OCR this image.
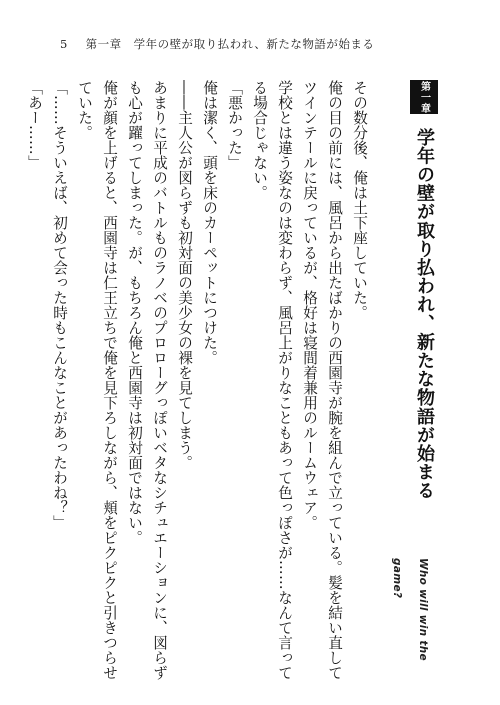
5 第一章　学年の壁が取り払われ、新たな物語が始まる

その数分後、俺は土下座していた。

俺の目の前には、風呂から出たばかりの西園寺が腕を組んで立っている。髪を結い直してツインテールに戻っているが、格好は寝間着兼用のルームウェア。

学校とは違う姿なのは変わらず、風呂上がりなこともあって色っぽさが……なんて言ってる場合じゃない。

「悪かった」

俺は潔く、頭を床のカーペットにつけた。

――主人公が図らずも初対面の美少女の裸を見てしまう。

あまりに平成のバトルものラノベのプロローグっぽいベタなシチュエーションに、図らずも心が躍ってしまった。が、もちろん俺と西園寺は初対面ではない。

俺が顔を上げると、西園寺は仁王立ちで俺を見下ろしながら、頬をピクピクと引きつらせていた。

「……そういえば、初めて会った時もこんなことがあったわね？」

「あー……」	第一章
学年の壁が取り払われ、新たな物語が始まる
Who will win the game?
